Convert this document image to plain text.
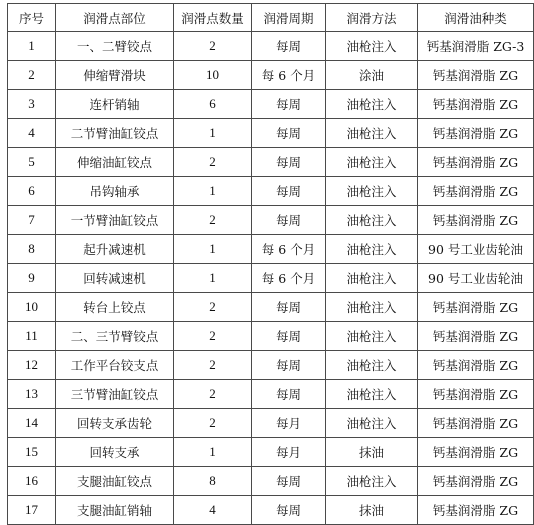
序号	润滑点部位	润滑点数量	润滑周期	润滑方法	润滑油种类
1	一、二臂铰点	2	每周	油枪注入	钙基润滑脂 ZG-3
2	伸缩臂滑块	10	每 6 个月	涂油	钙基润滑脂 ZG
3	连杆销轴	6	每周	油枪注入	钙基润滑脂 ZG
4	二节臂油缸铰点	1	每周	油枪注入	钙基润滑脂 ZG
5	伸缩油缸铰点	2	每周	油枪注入	钙基润滑脂 ZG
6	吊钩轴承	1	每周	油枪注入	钙基润滑脂 ZG
7	一节臂油缸铰点	2	每周	油枪注入	钙基润滑脂 ZG
8	起升减速机	1	每 6 个月	油枪注入	90 号工业齿轮油
9	回转减速机	1	每 6 个月	油枪注入	90 号工业齿轮油
10	转台上铰点	2	每周	油枪注入	钙基润滑脂 ZG
11	二、三节臂铰点	2	每周	油枪注入	钙基润滑脂 ZG
12	工作平台铰支点	2	每周	油枪注入	钙基润滑脂 ZG
13	三节臂油缸铰点	2	每周	油枪注入	钙基润滑脂 ZG
14	回转支承齿轮	2	每月	油枪注入	钙基润滑脂 ZG
15	回转支承	1	每月	抹油	钙基润滑脂 ZG
16	支腿油缸铰点	8	每周	油枪注入	钙基润滑脂 ZG
17	支腿油缸销轴	4	每周	抹油	钙基润滑脂 ZG
